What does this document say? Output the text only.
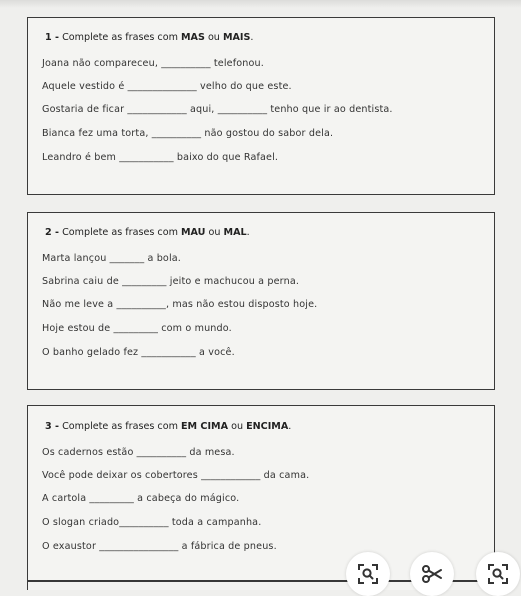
1 - Complete as frases com MAS ou MAIS.
Joana não compareceu, __________ telefonou.
Aquele vestido é ______________ velho do que este.
Gostaria de ficar ____________ aqui, __________ tenho que ir ao dentista.
Bianca fez uma torta, __________ não gostou do sabor dela.
Leandro é bem ___________ baixo do que Rafael.
2 - Complete as frases com MAU ou MAL.
Marta lançou _______ a bola.
Sabrina caiu de _________ jeito e machucou a perna.
Não me leve a __________, mas não estou disposto hoje.
Hoje estou de _________ com o mundo.
O banho gelado fez ___________ a você.
3 - Complete as frases com EM CIMA ou ENCIMA.
Os cadernos estão __________ da mesa.
Você pode deixar os cobertores ____________ da cama.
A cartola _________ a cabeça do mágico.
O slogan criado__________ toda a campanha.
O exaustor ________________ a fábrica de pneus.
